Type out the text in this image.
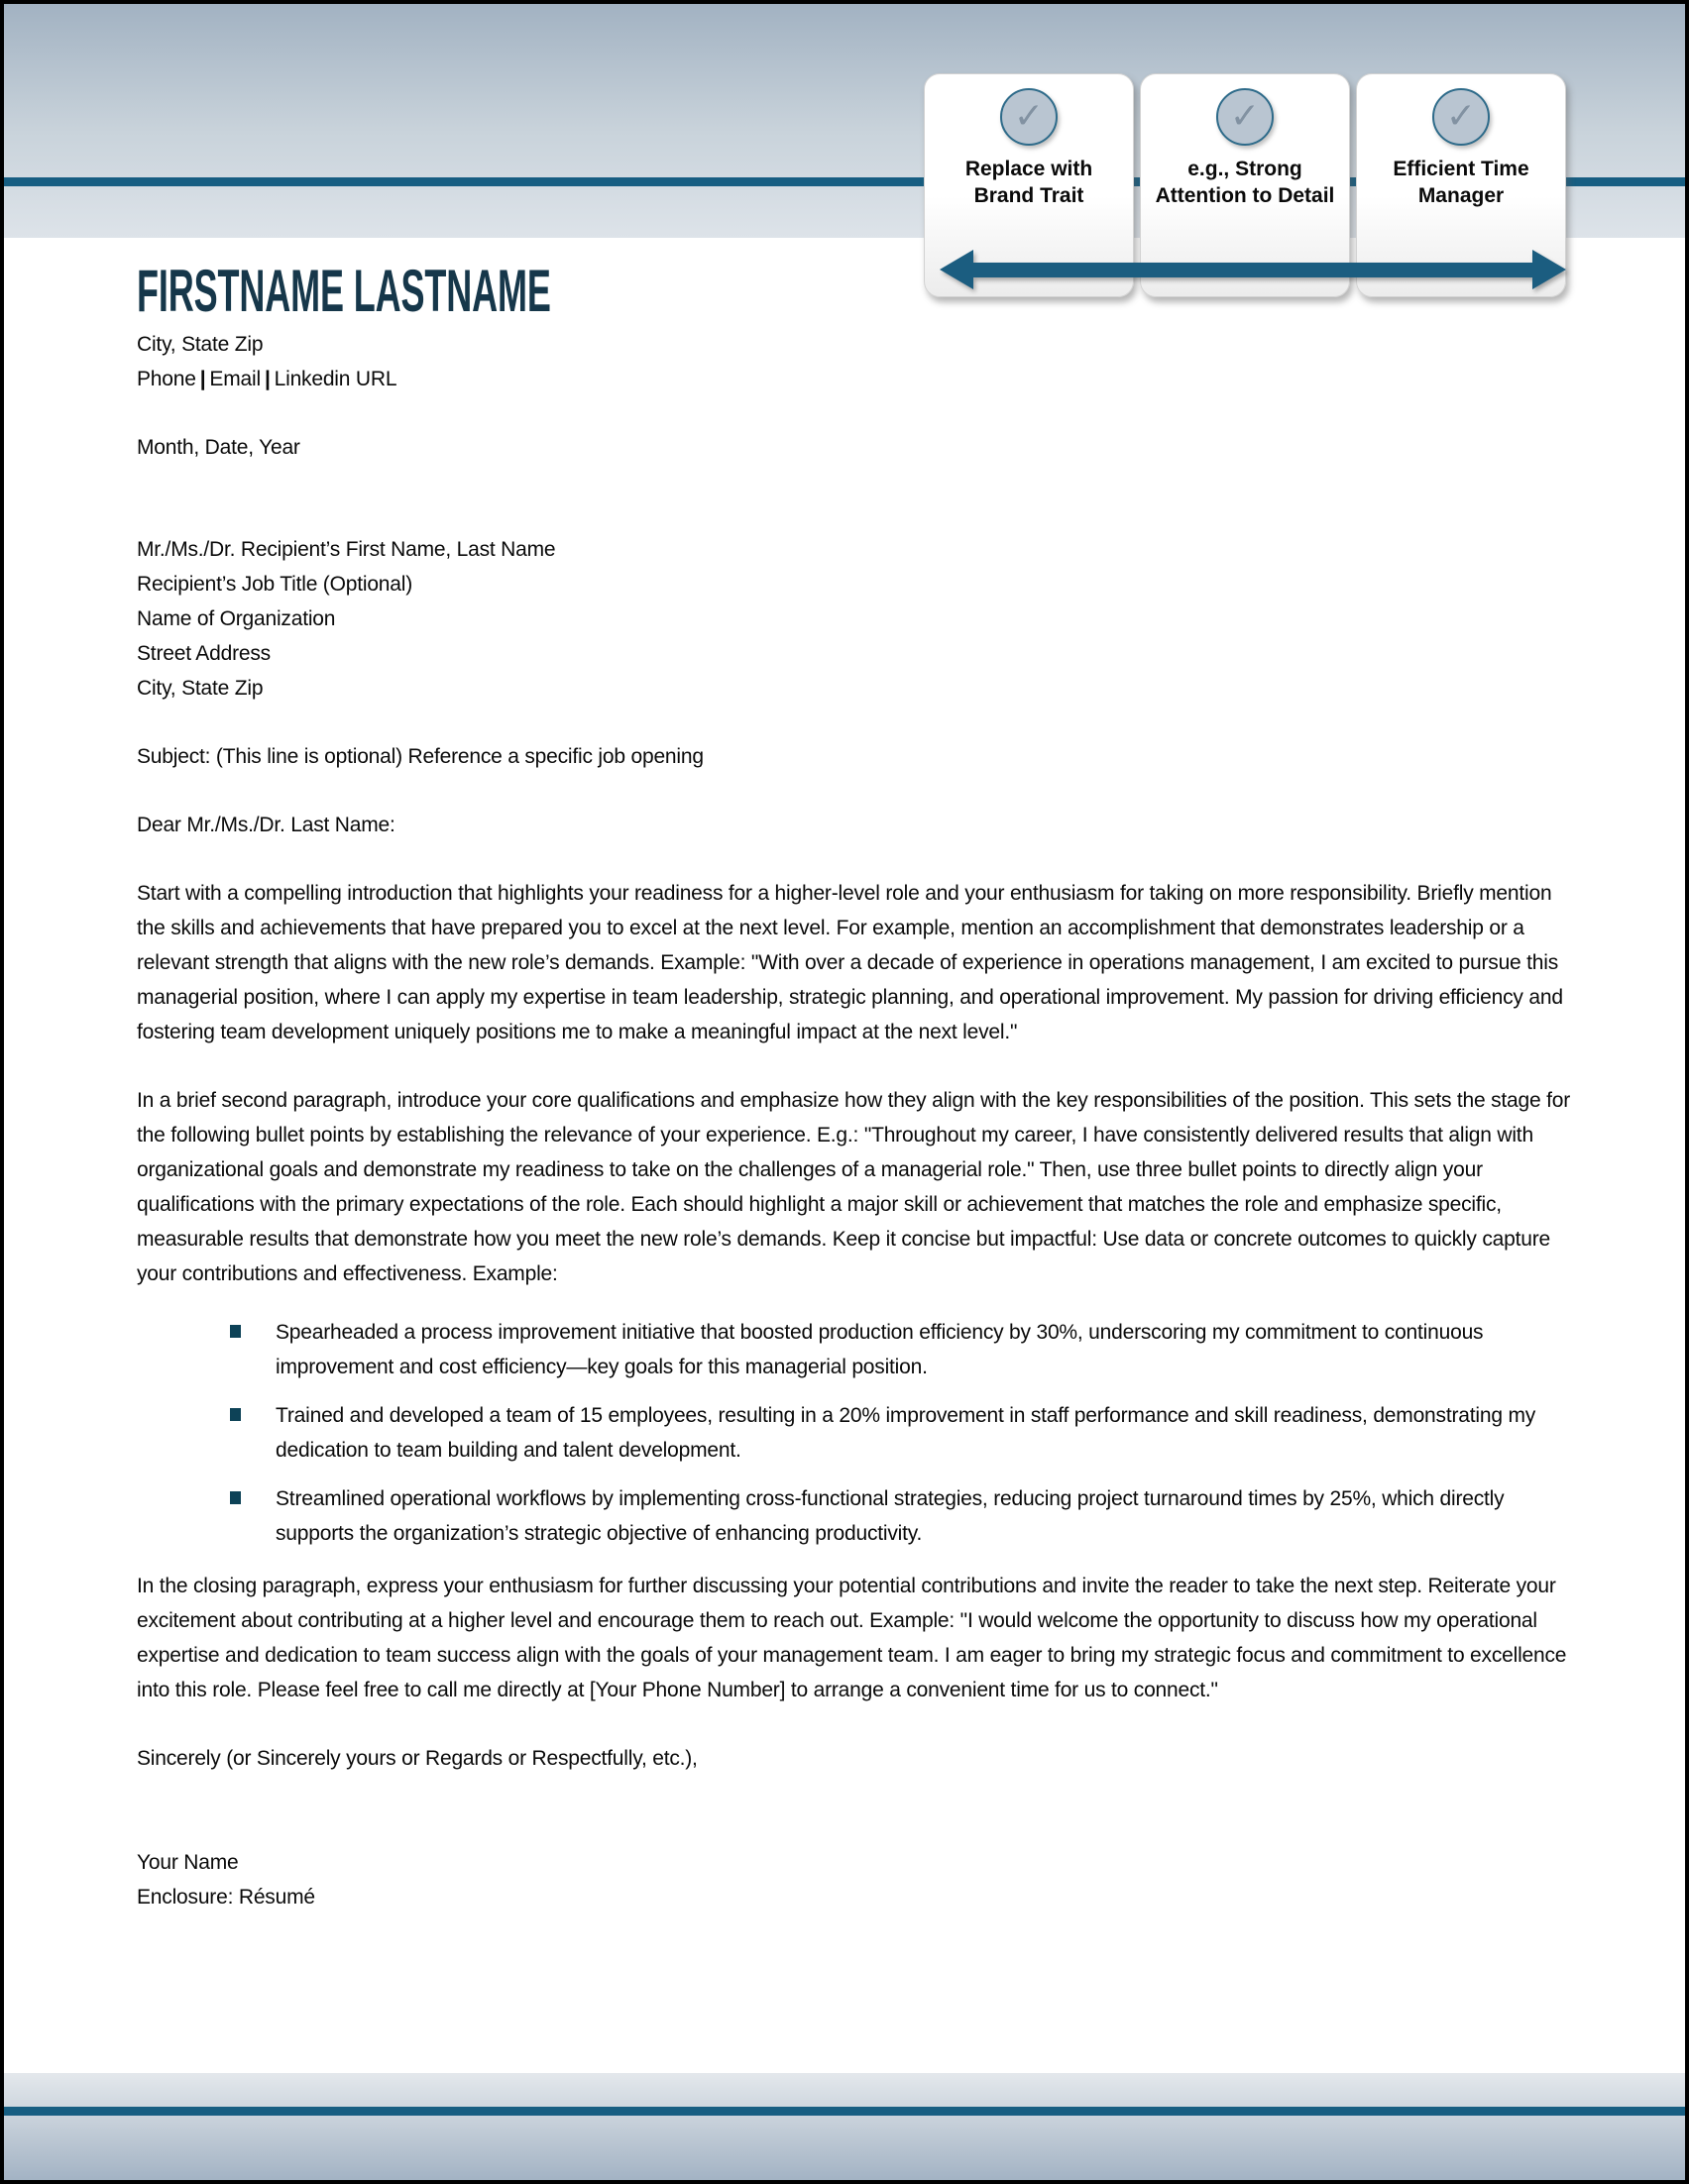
✓
Replace with Brand Trait
✓
e.g., Strong Attention to Detail
✓
Efficient Time Manager
FIRSTNAME LASTNAME
City, State Zip
Phone | Email | Linkedin URL
Month, Date, Year
Mr./Ms./Dr. Recipient’s First Name, Last Name
Recipient’s Job Title (Optional)
Name of Organization
Street Address
City, State Zip
Subject: (This line is optional) Reference a specific job opening
Dear Mr./Ms./Dr. Last Name:

Start with a compelling introduction that highlights your readiness for a higher-level role and your enthusiasm for taking on more responsibility. Briefly mention the skills and achievements that have prepared you to excel at the next level. For example, mention an accomplishment that demonstrates leadership or a relevant strength that aligns with the new role’s demands. Example: "With over a decade of experience in operations management, I am excited to pursue this managerial position, where I can apply my expertise in team leadership, strategic planning, and operational improvement. My passion for driving efficiency and fostering team development uniquely positions me to make a meaningful impact at the next level."

In a brief second paragraph, introduce your core qualifications and emphasize how they align with the key responsibilities of the position. This sets the stage for the following bullet points by establishing the relevance of your experience. E.g.: "Throughout my career, I have consistently delivered results that align with organizational goals and demonstrate my readiness to take on the challenges of a managerial role." Then, use three bullet points to directly align your qualifications with the primary expectations of the role. Each should highlight a major skill or achievement that matches the role and emphasize specific, measurable results that demonstrate how you meet the new role’s demands. Keep it concise but impactful: Use data or concrete outcomes to quickly capture your contributions and effectiveness. Example:

Spearheaded a process improvement initiative that boosted production efficiency by 30%, underscoring my commitment to continuous improvement and cost efficiency—key goals for this managerial position.
Trained and developed a team of 15 employees, resulting in a 20% improvement in staff performance and skill readiness, demonstrating my dedication to team building and talent development.
Streamlined operational workflows by implementing cross-functional strategies, reducing project turnaround times by 25%, which directly supports the organization’s strategic objective of enhancing productivity.

In the closing paragraph, express your enthusiasm for further discussing your potential contributions and invite the reader to take the next step. Reiterate your excitement about contributing at a higher level and encourage them to reach out. Example: "I would welcome the opportunity to discuss how my operational expertise and dedication to team success align with the goals of your management team. I am eager to bring my strategic focus and commitment to excellence into this role. Please feel free to call me directly at [Your Phone Number] to arrange a convenient time for us to connect."

Sincerely (or Sincerely yours or Regards or Respectfully, etc.),
Your Name
Enclosure: Résumé
